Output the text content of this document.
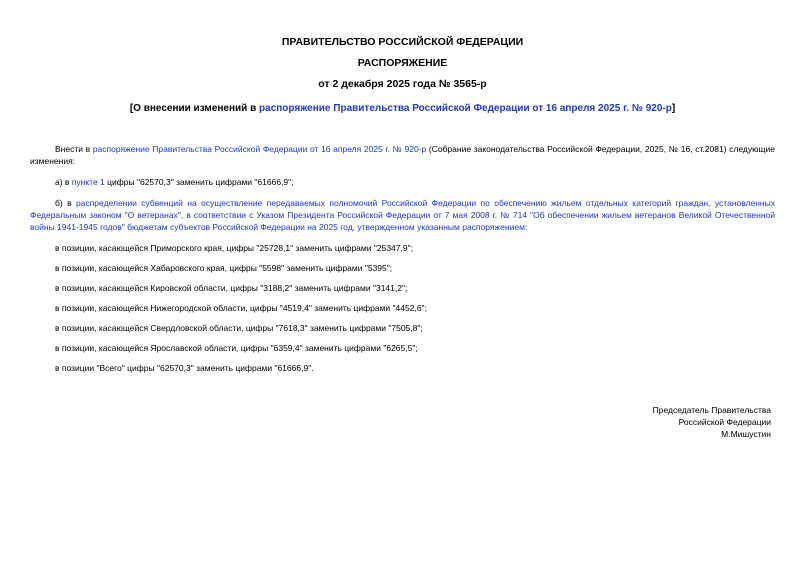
ПРАВИТЕЛЬСТВО РОССИЙСКОЙ ФЕДЕРАЦИИ
РАСПОРЯЖЕНИЕ
от 2 декабря 2025 года № 3565-р
[О внесении изменений в распоряжение Правительства Российской Федерации от 16 апреля 2025 г. № 920-р]

Внести в распоряжение Правительства Российской Федерации от 16 апреля 2025 г. № 920-р (Собрание законодательства Российской Федерации, 2025, № 16, ст.2081) следующие изменения:

а) в пункте 1 цифры "62570,3" заменить цифрами "61666,9";

б) в распределении субвенций на осуществление передаваемых полномочий Российской Федерации по обеспечению жильем отдельных категорий граждан, установленных Федеральным законом "О ветеранах", в соответствии с Указом Президента Российской Федерации от 7 мая 2008 г. № 714 "Об обеспечении жильем ветеранов Великой Отечественной войны 1941-1945 годов" бюджетам субъектов Российской Федерации на 2025 год, утвержденном указанным распоряжением:

в позиции, касающейся Приморского края, цифры "25728,1" заменить цифрами "25347,9";

в позиции, касающейся Хабаровского края, цифры "5598" заменить цифрами "5395";

в позиции, касающейся Кировской области, цифры "3188,2" заменить цифрами "3141,2";

в позиции, касающейся Нижегородской области, цифры "4519,4" заменить цифрами "4452,6";

в позиции, касающейся Свердловской области, цифры "7618,3" заменить цифрами "7505,8";

в позиции, касающейся Ярославской области, цифры "6359,4" заменить цифрами "6265,5";

в позиции "Всего" цифры "62570,3" заменить цифрами "61666,9".

Председатель Правительства
Российской Федерации
М.Мишустин
